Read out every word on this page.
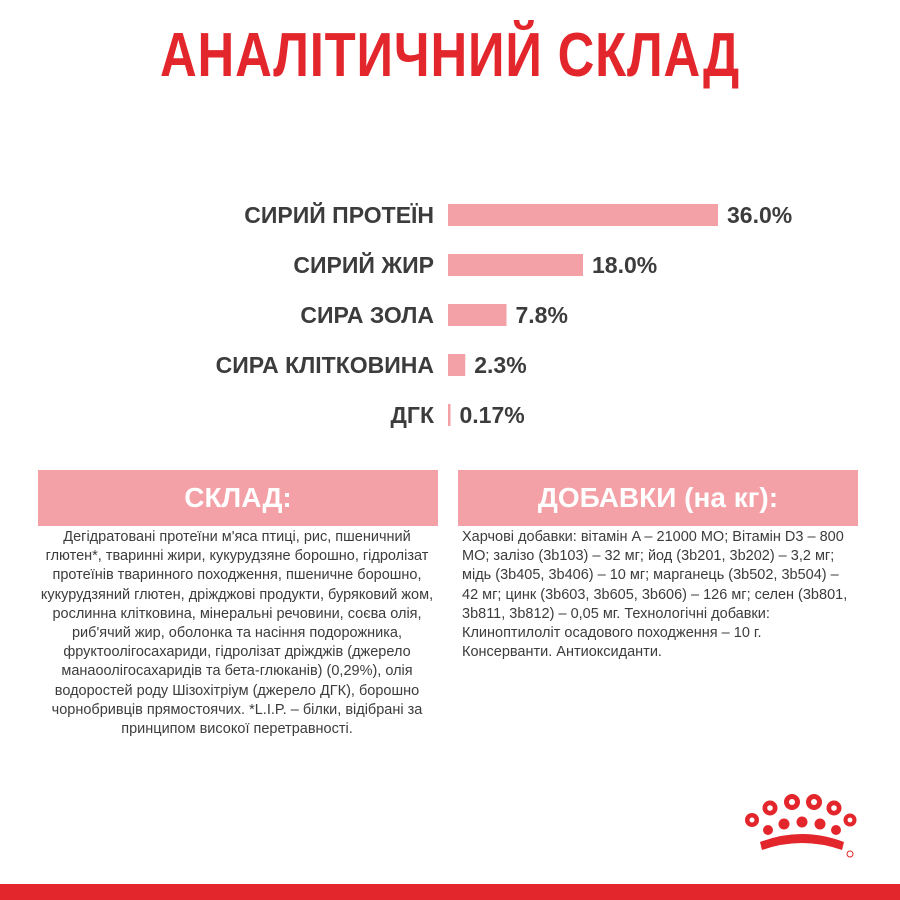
АНАЛІТИЧНИЙ СКЛАД
СИРИЙ ПРОТЕЇН	36.0%
СИРИЙ ЖИР	18.0%
СИРА ЗОЛА	7.8%
СИРА КЛІТКОВИНА 2.3%
ДГК 0.17%
СКЛАД:
Дегідратовані протеїни м'яса птиці, рис, пшеничний глютен*, тваринні жири, кукурудзяне борошно, гідролізат протеїнів тваринного походження, пшеничне борошно, кукурудзяний глютен, дріжджові продукти, буряковий жом, рослинна клітковина, мінеральні речовини, соєва олія, риб'ячий жир, оболонка та насіння подорожника, фруктоолігосахариди, гідролізат дріжджів (джерело манаоолігосахаридів та бета-глюканів) (0,29%), олія водоростей роду Шізохітріум (джерело ДГК), борошно чорнобривців прямостоячих. *L.I.P. – білки, відібрані за принципом високої перетравності.
ДОБАВКИ (на кг):
Харчові добавки: вітамін A – 21000 МО; Вітамін D3 – 800 МО; залізо (3b103) – 32 мг; йод (3b201, 3b202) – 3,2 мг; мідь (3b405, 3b406) – 10 мг; марганець (3b502, 3b504) – 42 мг; цинк (3b603, 3b605, 3b606) – 126 мг; селен (3b801, 3b811, 3b812) – 0,05 мг. Технологічні добавки: Клиноптилоліт осадового походження – 10 г. Консерванти. Антиоксиданти.
